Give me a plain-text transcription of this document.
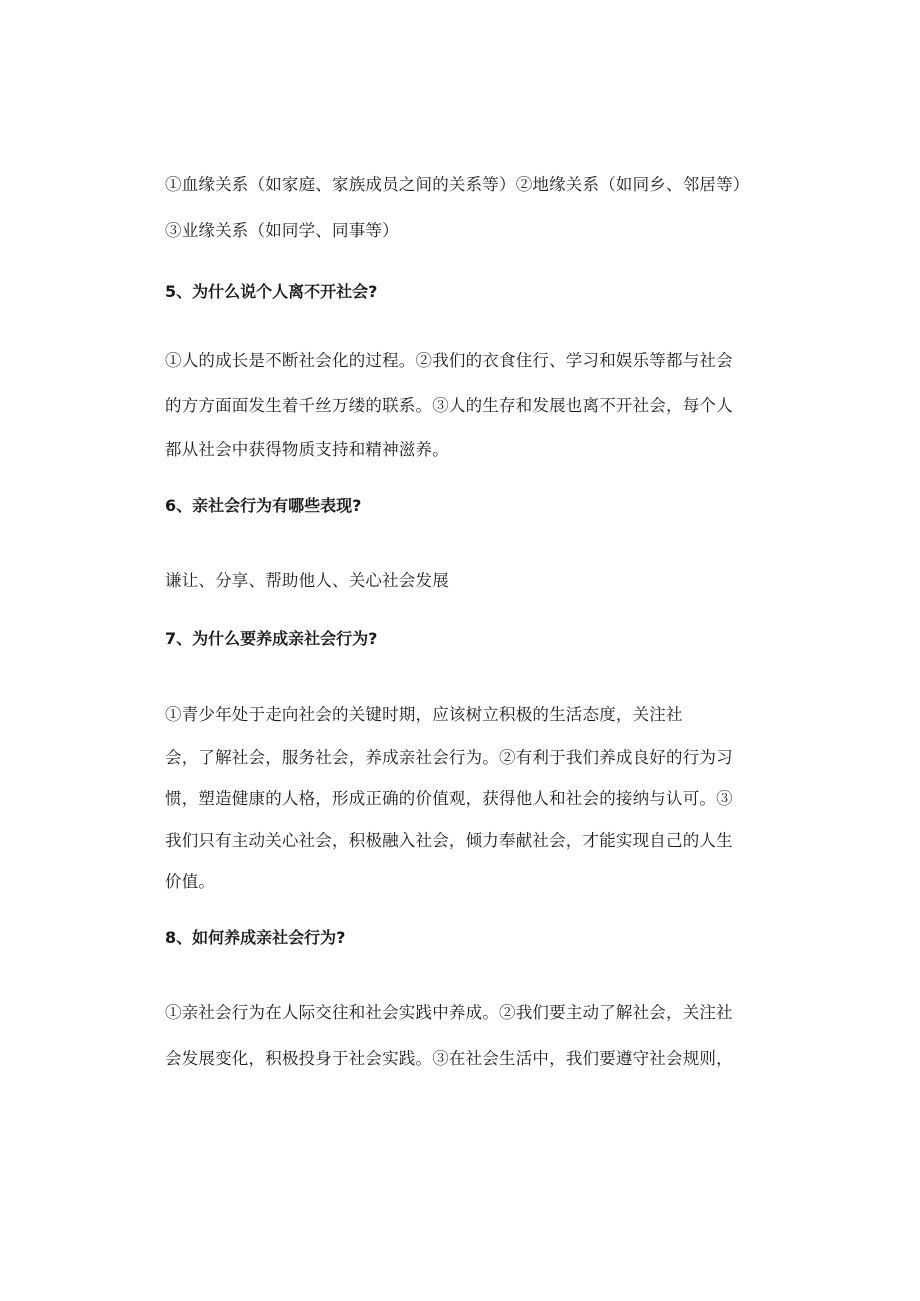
①血缘关系（如家庭、家族成员之间的关系等）②地缘关系（如同乡、邻居等）
③业缘关系（如同学、同事等）
5、为什么说个人离不开社会?
①人的成长是不断社会化的过程。②我们的衣食住行、学习和娱乐等都与社会
的方方面面发生着千丝万缕的联系。③人的生存和发展也离不开社会，每个人
都从社会中获得物质支持和精神滋养。
6、亲社会行为有哪些表现?
谦让、分享、帮助他人、关心社会发展
7、为什么要养成亲社会行为?
①青少年处于走向社会的关键时期，应该树立积极的生活态度，关注社
会，了解社会，服务社会，养成亲社会行为。②有利于我们养成良好的行为习
惯，塑造健康的人格，形成正确的价值观，获得他人和社会的接纳与认可。③
我们只有主动关心社会，积极融入社会，倾力奉献社会，才能实现自己的人生
价值。
8、如何养成亲社会行为?
①亲社会行为在人际交往和社会实践中养成。②我们要主动了解社会，关注社
会发展变化，积极投身于社会实践。③在社会生活中，我们要遵守社会规则，
